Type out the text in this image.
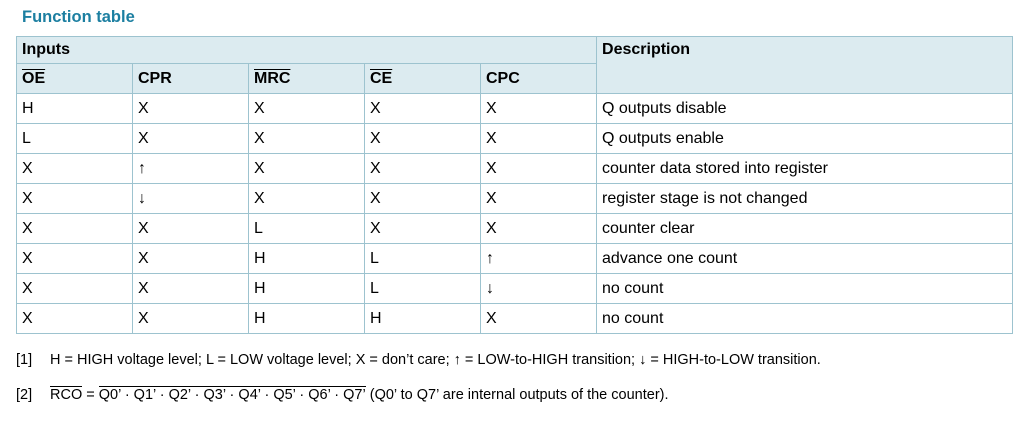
Function table
Inputs					Description
$\overline{OE}$	CPR	$\overline{MRC}$	$\overline{CE}$	CPC	
H	X	X	X	X	Q outputs disable
L	X	X	X	X	Q outputs enable
X	↑	X	X	X	counter data stored into register
X	↓	X	X	X	register stage is not changed
X	X	L	X	X	counter clear
X	X	H	L	↑	advance one count
X	X	H	L	↓	no count
X	X	H	H	X	no count
[1] H = HIGH voltage level; L = LOW voltage level; X = don’t care; ↑ = LOW-to-HIGH transition; ↓ = HIGH-to-LOW transition.
[2] RCO = Q0’ · Q1’ · Q2’ · Q3’ · Q4’ · Q5’ · Q6’ · Q7’ (Q0’ to Q7’ are internal outputs of the counter).
